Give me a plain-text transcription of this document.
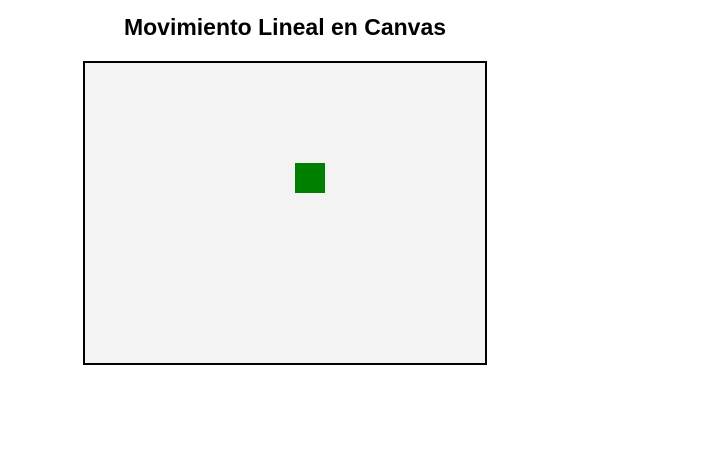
Movimiento Lineal en Canvas
